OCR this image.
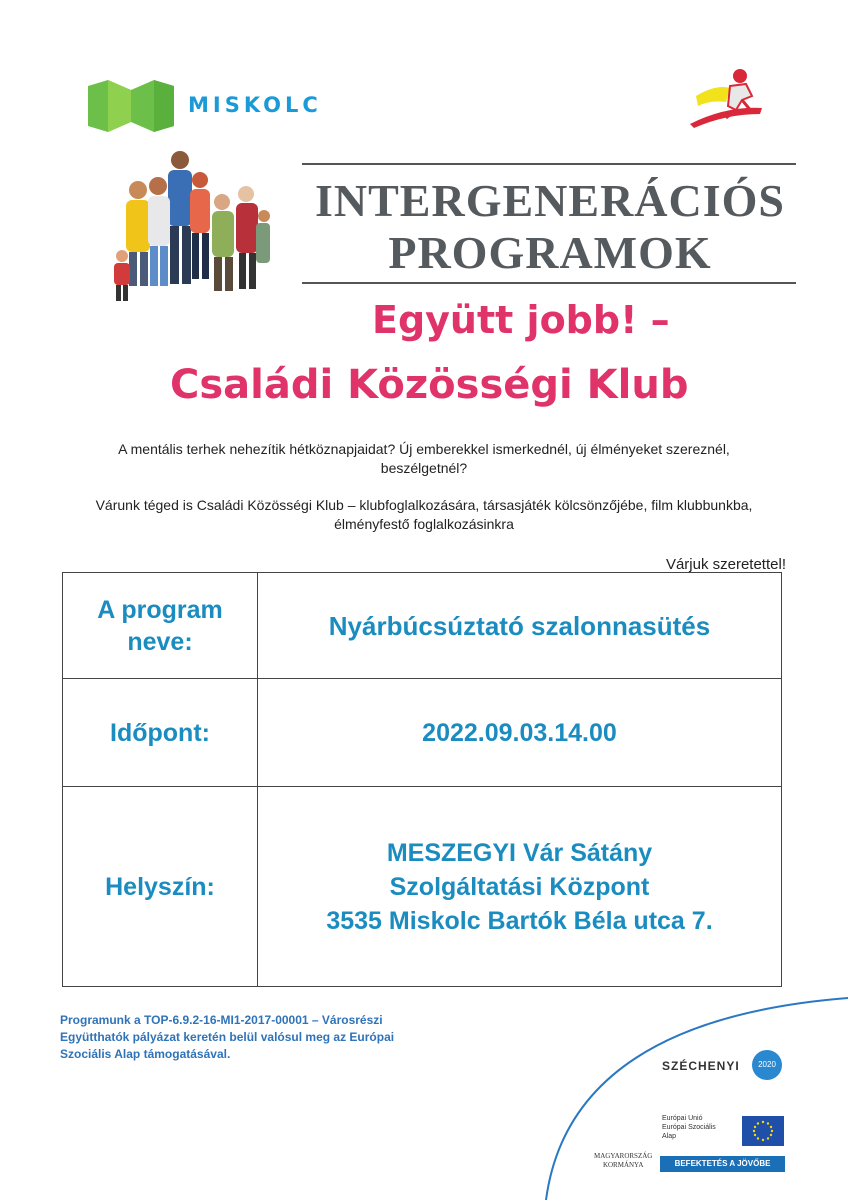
MISKOLC
INTERGENERÁCIÓS
PROGRAMOK
Együtt jobb! –
Családi Közösségi Klub
A mentális terhek nehezítik hétköznapjaidat? Új emberekkel ismerkednél, új élményeket szereznél,
beszélgetnél?
Várunk téged is Családi Közösségi Klub – klubfoglalkozására, társasjáték kölcsönzőjébe, film klubbunkba,
élményfestő foglalkozásinkra
Várjuk szeretettel!
A program
neve:	Nyárbúcsúztató szalonnasütés
Időpont:	2022.09.03.14.00
Helyszín:	MESZEGYI Vár Sátány
Szolgáltatási Központ
3535 Miskolc Bartók Béla utca 7.
Programunk a TOP-6.9.2-16-MI1-2017-00001 – Városrészi
Együtthatók pályázat keretén belül valósul meg az Európai
Szociális Alap támogatásával.
SZÉCHENYI	2020
Európai Unió
Európai Szociális
Alap
MAGYARORSZÁG
KORMÁNYA	BEFEKTETÉS A JÖVŐBE
